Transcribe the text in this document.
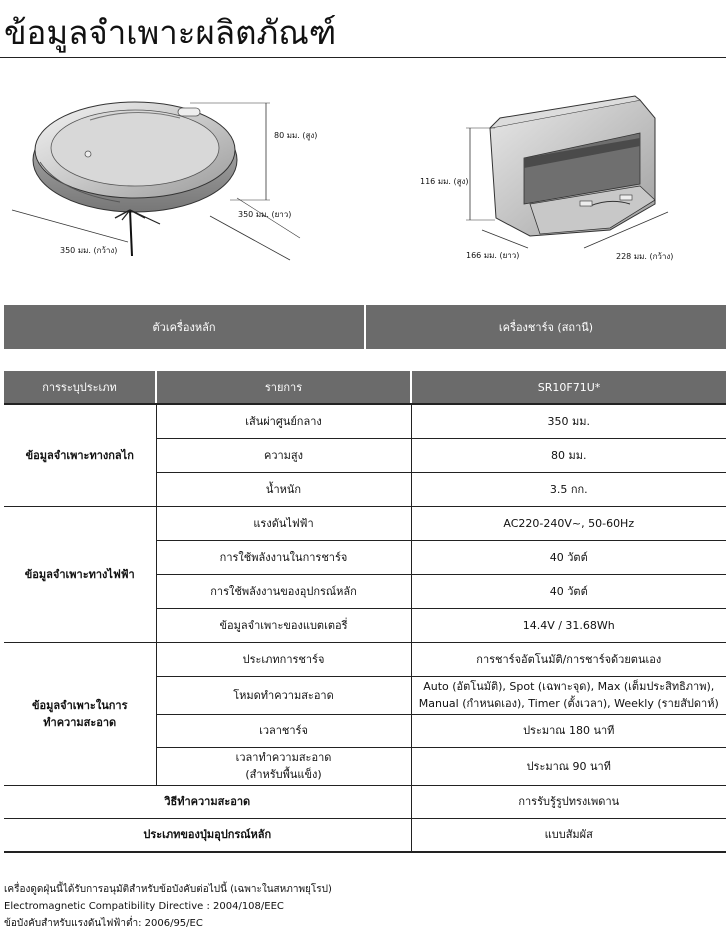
ข้อมูลจำเพาะผลิตภัณฑ์
80 มม. (สูง)
350 มม. (ยาว)
350 มม. (กว้าง)
116 มม. (สูง)
166 มม. (ยาว)	228 มม. (กว้าง)
ตัวเครื่องหลัก	เครื่องชาร์จ (สถานี)
การระบุประเภท	รายการ	SR10F71U*
ข้อมูลจำเพาะทางกลไก	เส้นผ่าศูนย์กลาง	350 มม.
	ความสูง	80 มม.
	น้ำหนัก	3.5 กก.
ข้อมูลจำเพาะทางไฟฟ้า	แรงดันไฟฟ้า	AC220-240V~, 50-60Hz
	การใช้พลังงานในการชาร์จ	40 วัตต์
	การใช้พลังงานของอุปกรณ์หลัก	40 วัตต์
	ข้อมูลจำเพาะของแบตเตอรี่	14.4V / 31.68Wh

ข้อมูลจำเพาะในการ
ทำความสะอาด	ประเภทการชาร์จ	การชาร์จอัตโนมัติ/การชาร์จด้วยตนเอง
	โหมดทำความสะอาด	Auto (อัตโนมัติ), Spot (เฉพาะจุด), Max (เต็มประสิทธิภาพ),
Manual (กำหนดเอง), Timer (ตั้งเวลา), Weekly (รายสัปดาห์)

	เวลาชาร์จ	ประมาณ 180 นาที

	เวลาทำความสะอาด
(สำหรับพื้นแข็ง)	ประมาณ 90 นาที
วิธีทำความสะอาด		การรับรู้รูปทรงเพดาน
ประเภทของปุ่มอุปกรณ์หลัก		แบบสัมผัส
เครื่องดูดฝุ่นนี้ได้รับการอนุมัติสำหรับข้อบังคับต่อไปนี้ (เฉพาะในสหภาพยุโรป)
Electromagnetic Compatibility Directive : 2004/108/EEC
ข้อบังคับสำหรับแรงดันไฟฟ้าต่ำ: 2006/95/EC
